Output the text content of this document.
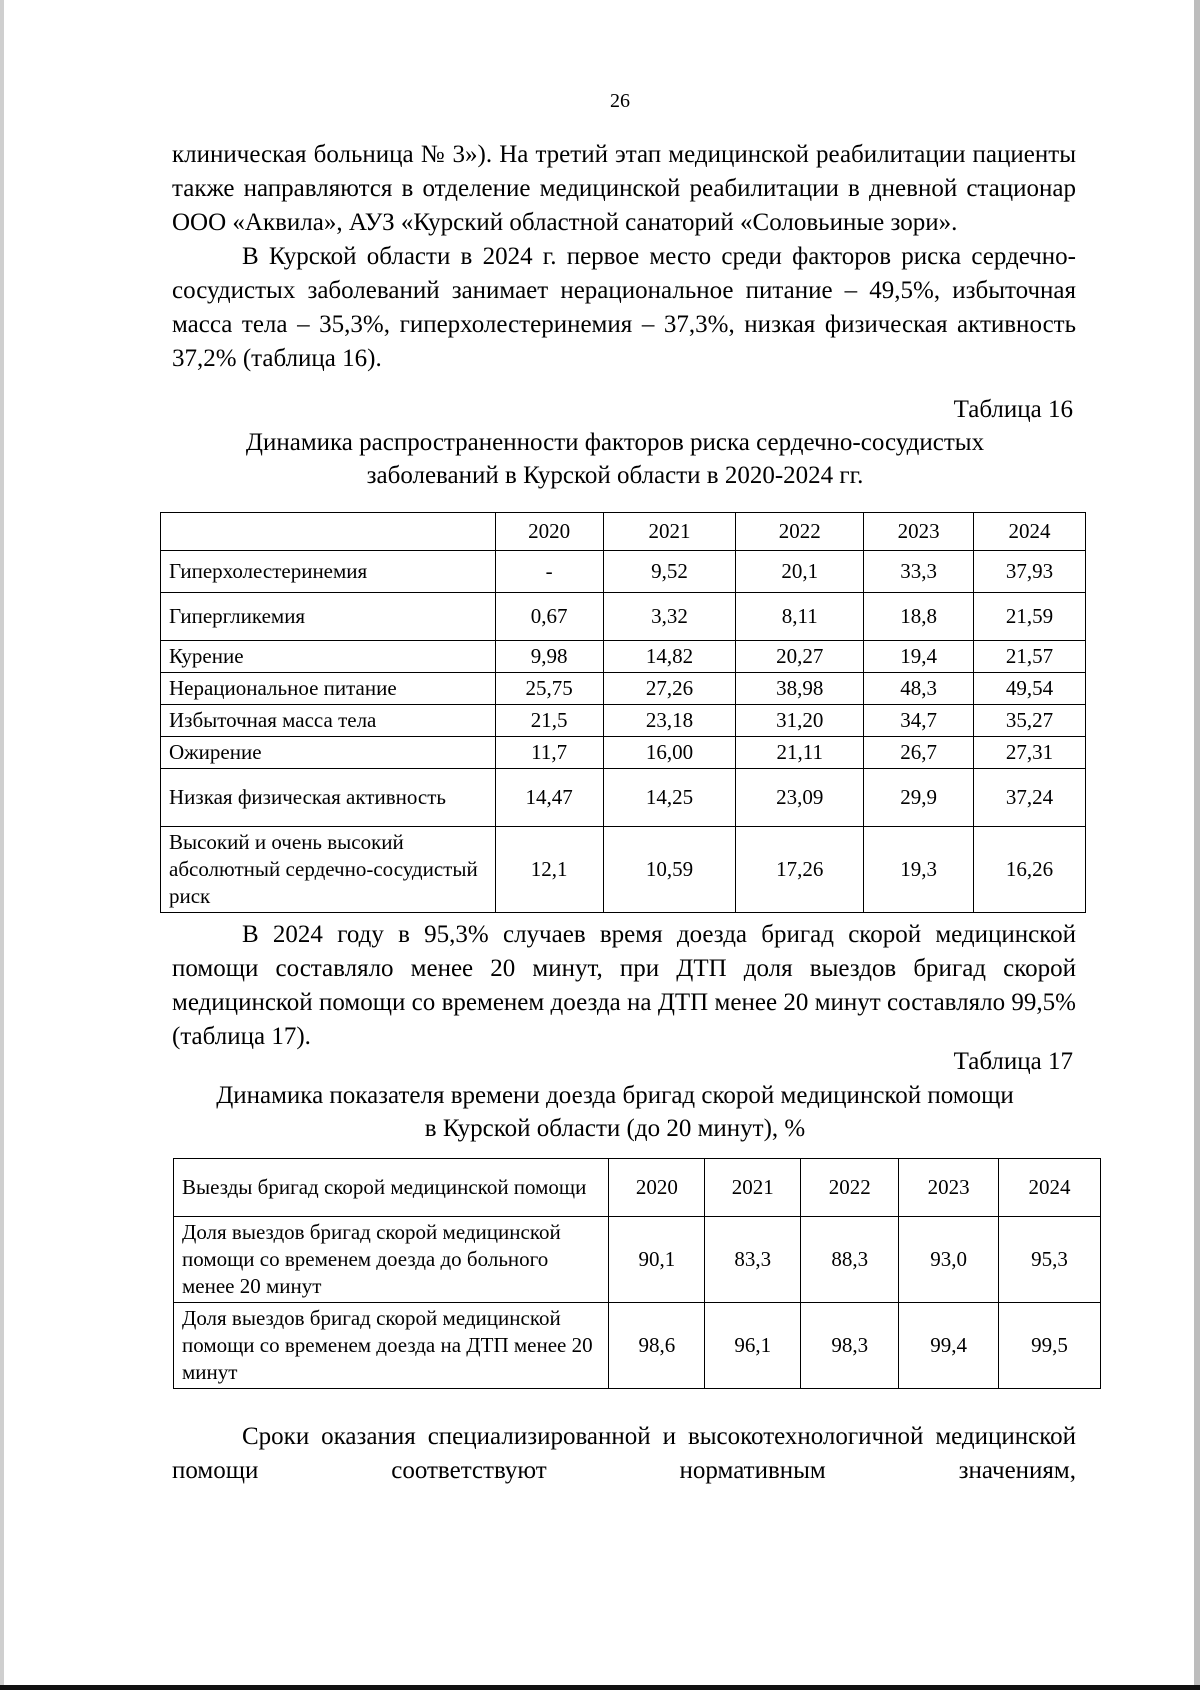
26

клиническая больница № 3»). На третий этап медицинской реабилитации пациенты также направляются в отделение медицинской реабилитации в дневной стационар ООО «Аквила», АУЗ «Курский областной санаторий «Соловьиные зори».

В Курской области в 2024 г. первое место среди факторов риска сердечно-сосудистых заболеваний занимает нерациональное питание – 49,5%, избыточная масса тела – 35,3%, гиперхолестеринемия – 37,3%, низкая физическая активность 37,2% (таблица 16).

Таблица 16
Динамика распространенности факторов риска сердечно-сосудистых
заболеваний в Курской области в 2020-2024 гг.
	2020	2021	2022	2023	2024
Гиперхолестеринемия	-	9,52	20,1	33,3	37,93
Гипергликемия	0,67	3,32	8,11	18,8	21,59
Курение	9,98	14,82	20,27	19,4	21,57
Нерациональное питание	25,75	27,26	38,98	48,3	49,54
Избыточная масса тела	21,5	23,18	31,20	34,7	35,27
Ожирение	11,7	16,00	21,11	26,7	27,31
Низкая физическая активность	14,47	14,25	23,09	29,9	37,24
Высокий и очень высокий абсолютный сердечно-сосудистый риск	12,1	10,59	17,26	19,3	16,26

В 2024 году в 95,3% случаев время доезда бригад скорой медицинской помощи составляло менее 20 минут, при ДТП доля выездов бригад скорой медицинской помощи со временем доезда на ДТП менее 20 минут составляло 99,5% (таблица 17).

Таблица 17
Динамика показателя времени доезда бригад скорой медицинской помощи
в Курской области (до 20 минут), %
Выезды бригад скорой медицинской помощи	2020	2021	2022	2023	2024
Доля выездов бригад скорой медицинской помощи со временем доезда до больного менее 20 минут	90,1	83,3	88,3	93,0	95,3
Доля выездов бригад скорой медицинской помощи со временем доезда на ДТП менее 20 минут	98,6	96,1	98,3	99,4	99,5

Сроки оказания специализированной и высокотехнологичной медицинской помощи соответствуют нормативным значениям,
